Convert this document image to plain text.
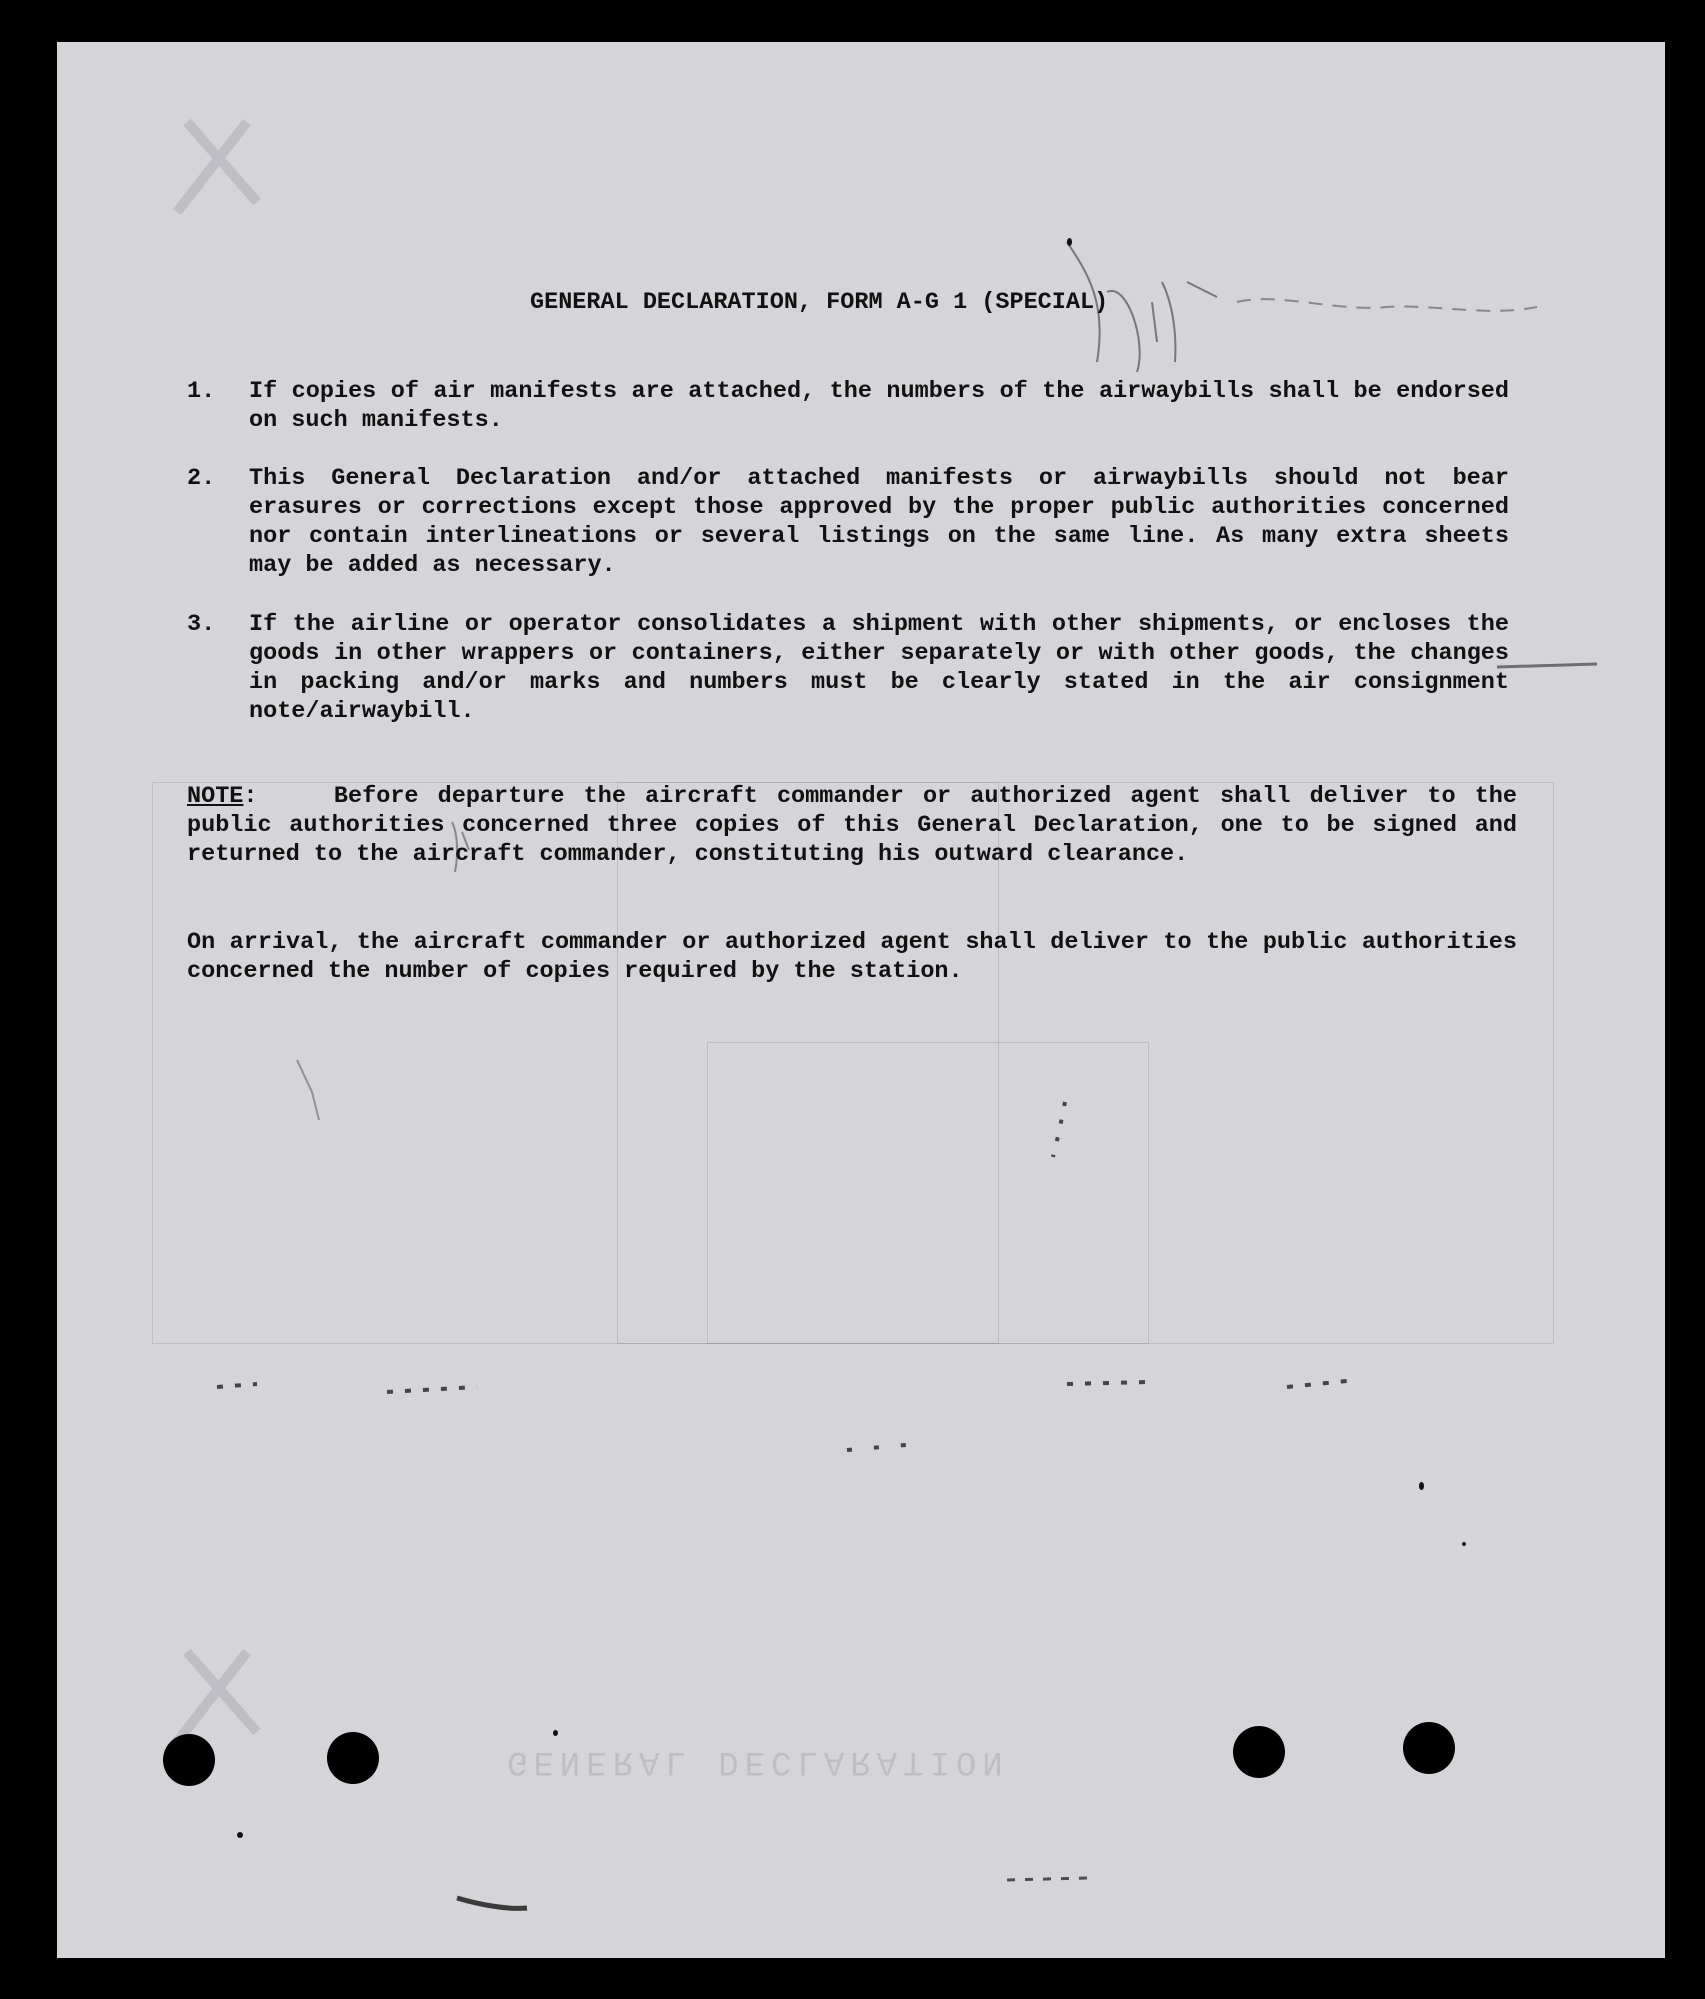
GENERAL DECLARATION
GENERAL DECLARATION, FORM A-G 1 (SPECIAL)
1.	If copies of air manifests are attached, the numbers of the airwaybills shall be endorsed on such manifests.
2.	This General Declaration and/or attached manifests or airwaybills should not bear erasures or corrections except those approved by the proper public authorities concerned nor contain interlineations or several listings on the same line. As many extra sheets may be added as necessary.
3.	If the airline or operator consolidates a shipment with other shipments, or encloses the goods in other wrappers or containers, either separately or with other goods, the changes in packing and/or marks and numbers must be clearly stated in the air consignment note/airwaybill.
NOTE:    Before departure the aircraft commander or authorized agent shall deliver to the public authorities concerned three copies of this General Declaration, one to be signed and returned to the aircraft commander, constituting his outward clearance.
On arrival, the aircraft commander or authorized agent shall deliver to the public authorities concerned the number of copies required by the station.
